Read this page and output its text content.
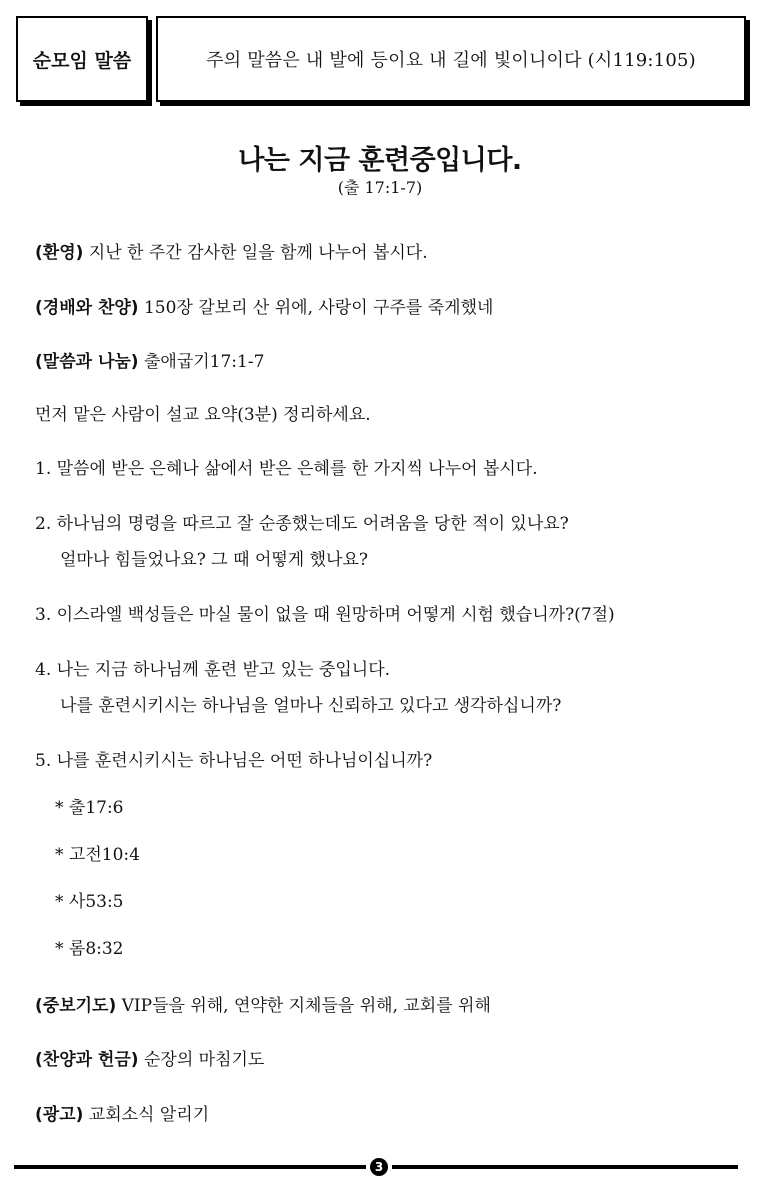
순모임 말씀	주의 말씀은 내 발에 등이요 내 길에 빛이니이다 (시119:105)
나는 지금 훈련중입니다.
(출 17:1-7)
(환영) 지난 한 주간 감사한 일을 함께 나누어 봅시다.
(경배와 찬양) 150장 갈보리 산 위에, 사랑이 구주를 죽게했네
(말씀과 나눔) 출애굽기17:1-7
먼저 맡은 사람이 설교 요약(3분) 정리하세요.
1. 말씀에 받은 은혜나 삶에서 받은 은혜를 한 가지씩 나누어 봅시다.
2. 하나님의 명령을 따르고 잘 순종했는데도 어려움을 당한 적이 있나요?
얼마나 힘들었나요? 그 때 어떻게 했나요?
3. 이스라엘 백성들은 마실 물이 없을 때 원망하며 어떻게 시험 했습니까?(7절)
4. 나는 지금 하나님께 훈련 받고 있는 중입니다.
나를 훈련시키시는 하나님을 얼마나 신뢰하고 있다고 생각하십니까?
5. 나를 훈련시키시는 하나님은 어떤 하나님이십니까?
* 출17:6
* 고전10:4
* 사53:5
* 롬8:32
(중보기도) VIP들을 위해, 연약한 지체들을 위해, 교회를 위해
(찬양과 헌금) 순장의 마침기도
(광고) 교회소식 알리기
3
